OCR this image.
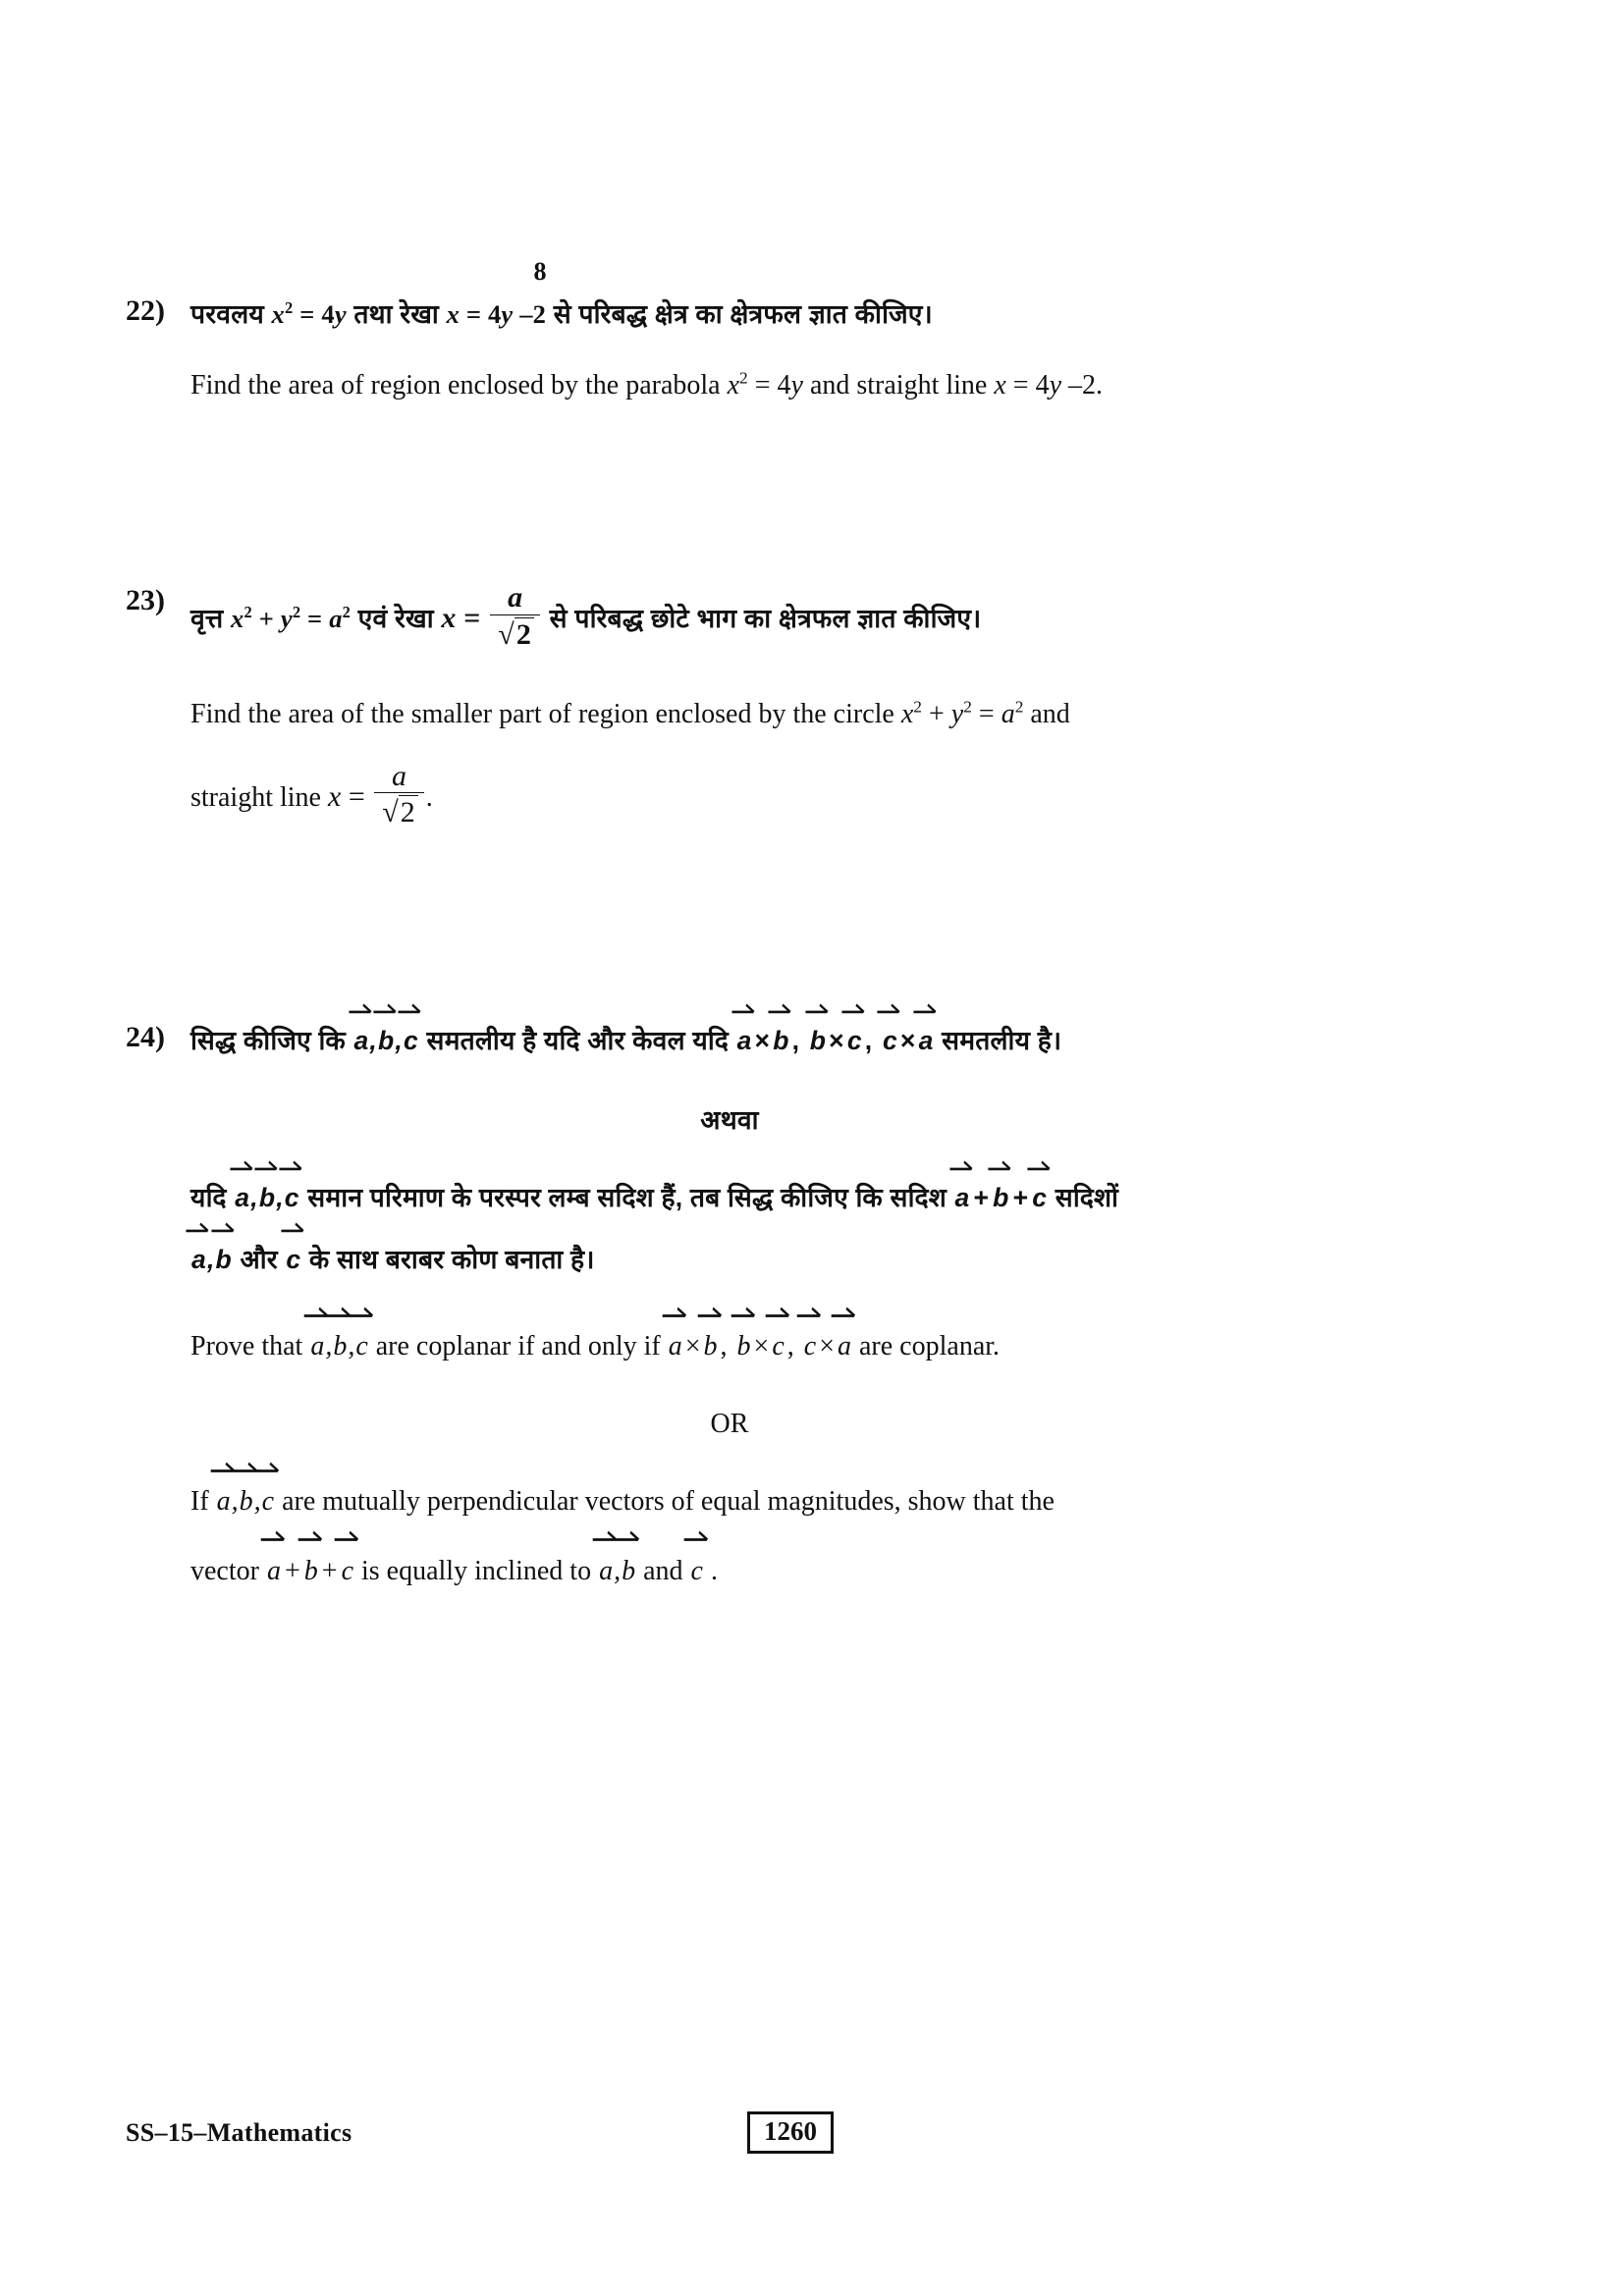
8
22) परवलय $x^2 = 4y$ तथा रेखा x = 4y –2 से परिबद्ध क्षेत्र का क्षेत्रफल ज्ञात कीजिए।
Find the area of region enclosed by the parabola $x^2 = 4y$ and straight line x = 4y –2.
23)
वृत्त $x^2 + y^2 = a^2$ एवं रेखा $x = \frac{a}{√2}$ से परिबद्ध छोटे भाग का क्षेत्रफल ज्ञात कीजिए।
Find the area of the smaller part of region enclosed by the circle $x^2 + y^2 = a^2$ and
straight line $x = \frac{a}{√2}$ .
24) सिद्ध कीजिए कि
a,
b,
c समतलीय है यदि और केवल यदि
a × b ,
b × c ,
c × a समतलीय है।
अथवा
यदि
a,
b,
c समान परिमाण के परस्पर लम्ब सदिश हैं, तब सिद्ध कीजिए कि सदिश
a + b + c सदिशों
a,
b और
c के साथ बराबर कोण बनाता है।
Prove that
a,
b,
c are coplanar if and only if
a × b ,
b × c ,
c × a are coplanar.
OR
If
a,
b,
c are mutually perpendicular vectors of equal magnitudes, show that the
vector
a + b + c is equally inclined to
a,
b and
c .
SS–15–Mathematics	1260
